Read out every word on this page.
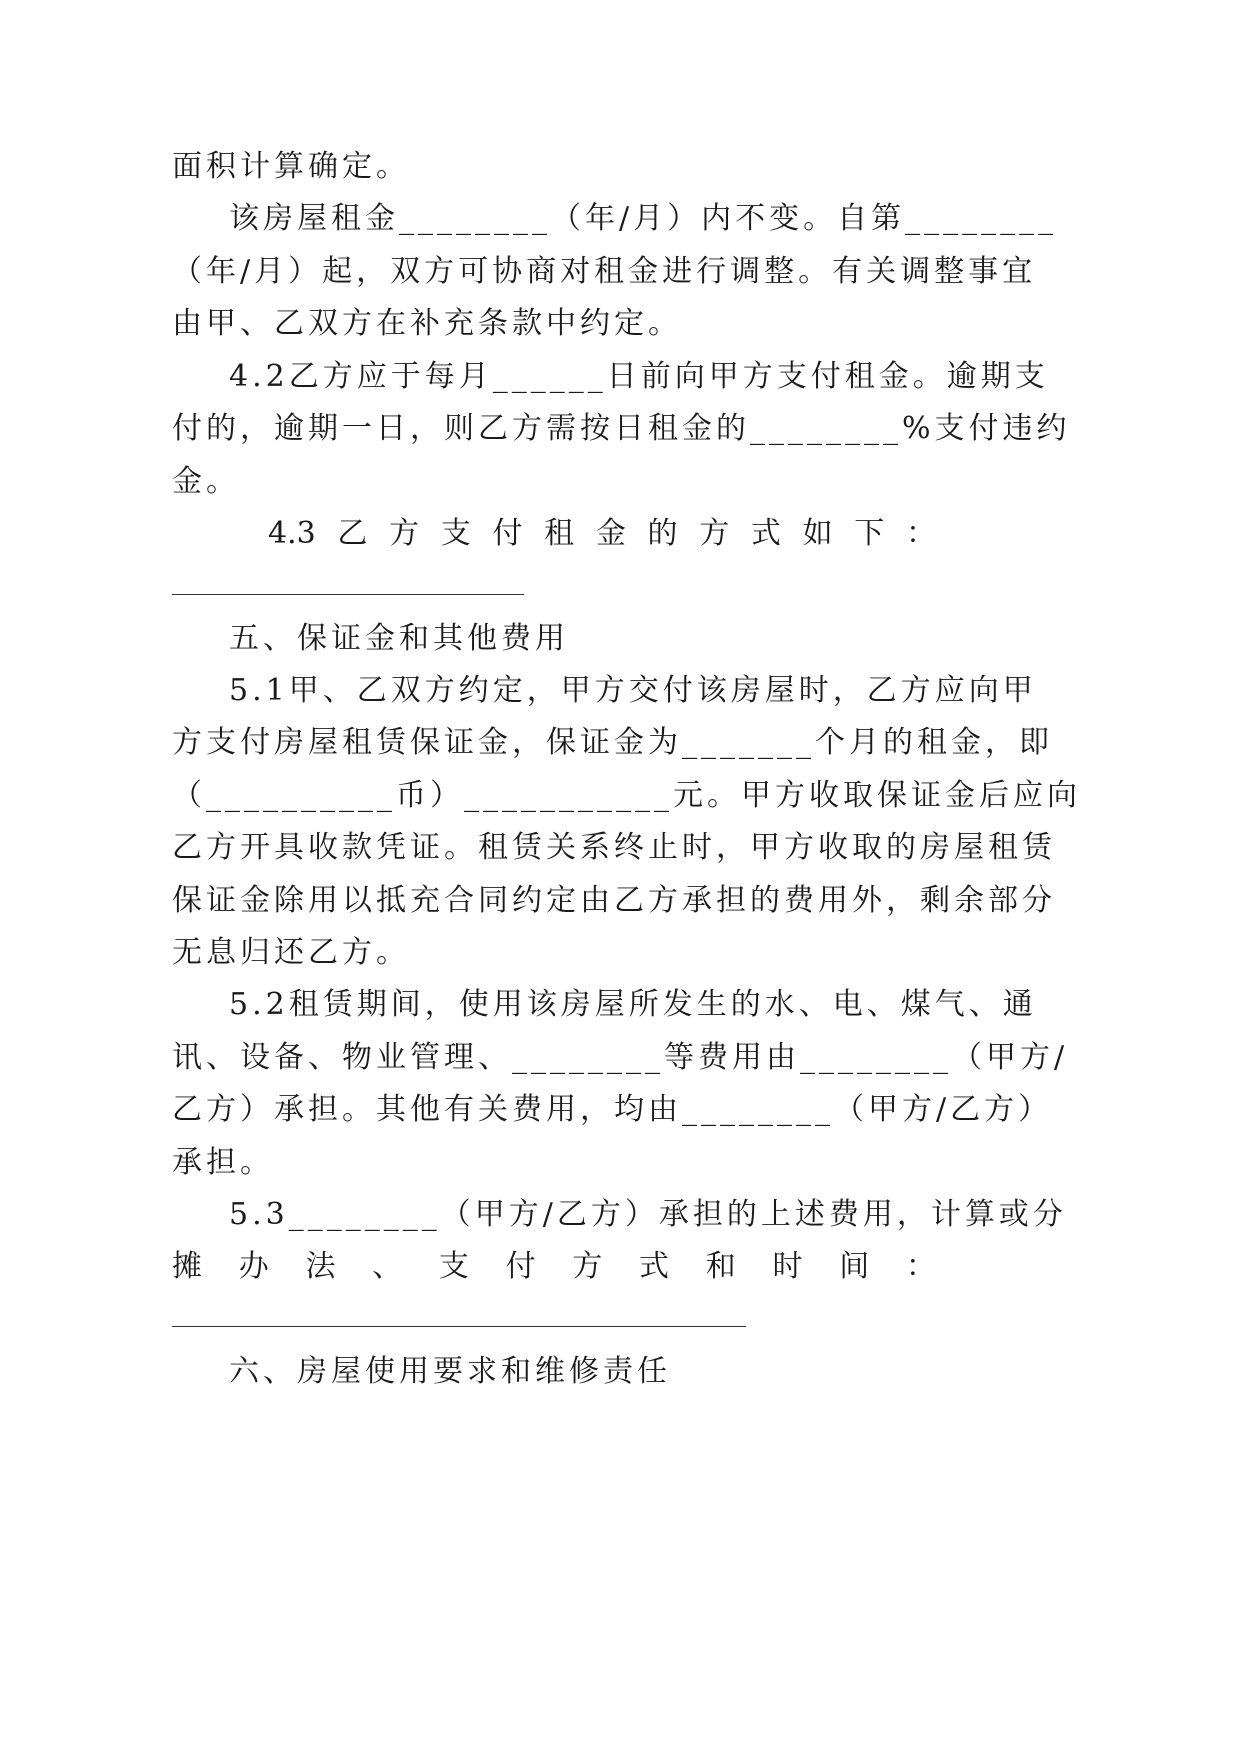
面积计算确定。
该房屋租金________（年/月）内不变。自第________
（年/月）起，双方可协商对租金进行调整。有关调整事宜
由甲、乙双方在补充条款中约定。
4.2乙方应于每月______日前向甲方支付租金。逾期支
付的，逾期一日，则乙方需按日租金的________%支付违约
金。
4.3 乙 方 支 付 租 金 的 方 式 如 下 ：
五、保证金和其他费用
5.1甲、乙双方约定，甲方交付该房屋时，乙方应向甲
方支付房屋租赁保证金，保证金为_______个月的租金，即
（__________币）___________元。甲方收取保证金后应向
乙方开具收款凭证。租赁关系终止时，甲方收取的房屋租赁
保证金除用以抵充合同约定由乙方承担的费用外，剩余部分
无息归还乙方。
5.2租赁期间，使用该房屋所发生的水、电、煤气、通
讯、设备、物业管理、________等费用由________（甲方/
乙方）承担。其他有关费用，均由________（甲方/乙方）
承担。
5.3________（甲方/乙方）承担的上述费用，计算或分
摊 办 法 、 支 付 方 式 和 时 间 ：
六、房屋使用要求和维修责任
